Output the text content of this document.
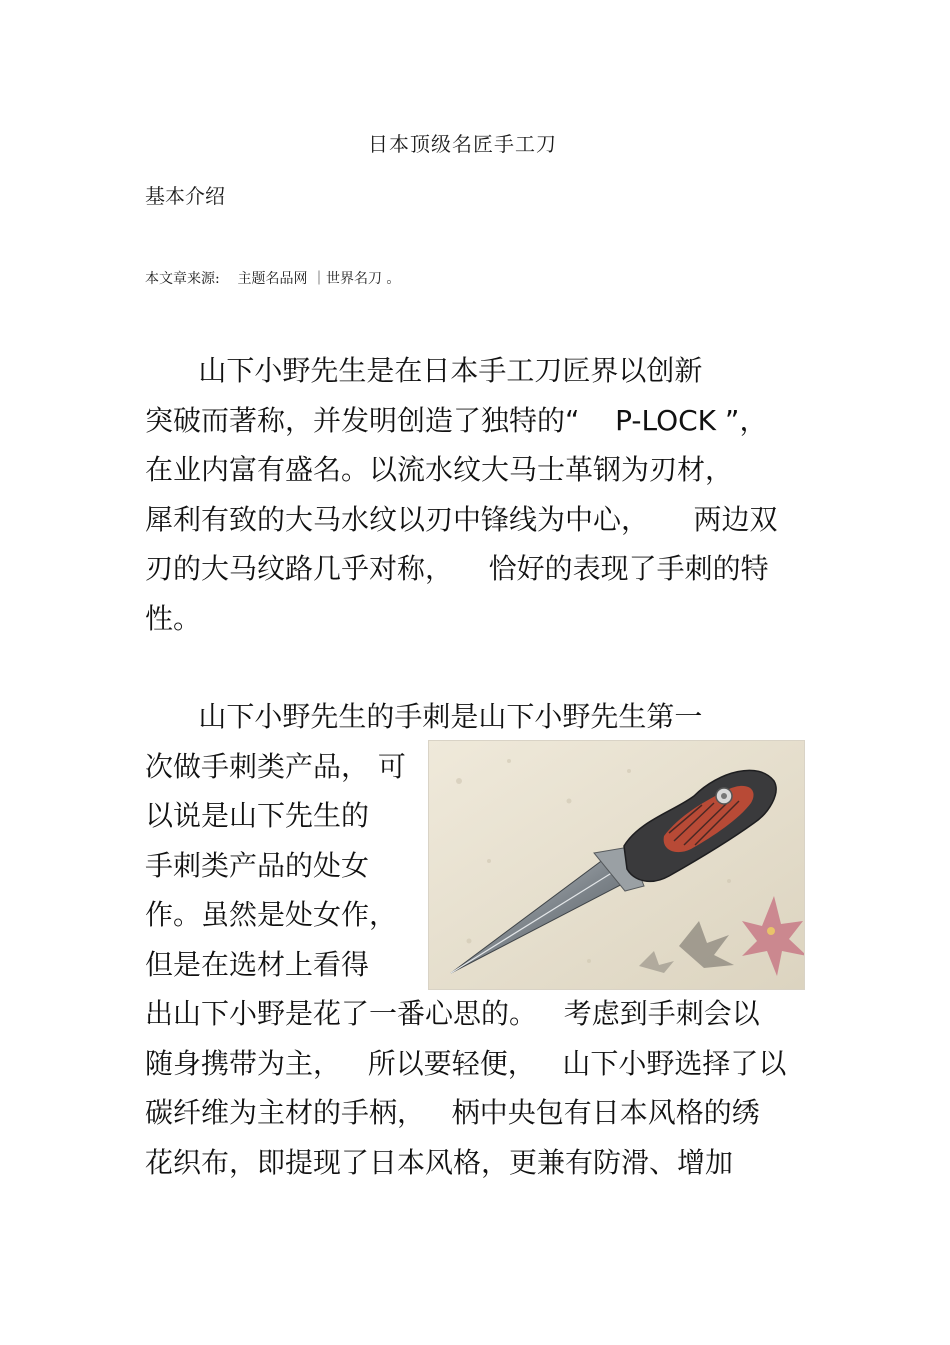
日本顶级名匠手工刀
基本介绍
本文章来源:    主题名品网 ｜世界名刀 。
山下小野先生是在日本手工刀匠界以创新
突破而著称，并发明创造了独特的“    P-LOCK ”，
在业内富有盛名。以流水纹大马士革钢为刃材，
犀利有致的大马水纹以刃中锋线为中心，     两边双
刃的大马纹路几乎对称，    恰好的表现了手刺的特
性。
山下小野先生的手刺是山下小野先生第一
次做手刺类产品， 可
以说是山下先生的
手刺类产品的处女
作。虽然是处女作，
但是在选材上看得
出山下小野是花了一番心思的。   考虑到手刺会以
随身携带为主，   所以要轻便，   山下小野选择了以
碳纤维为主材的手柄，   柄中央包有日本风格的绣
花织布，即提现了日本风格，更兼有防滑、增加
